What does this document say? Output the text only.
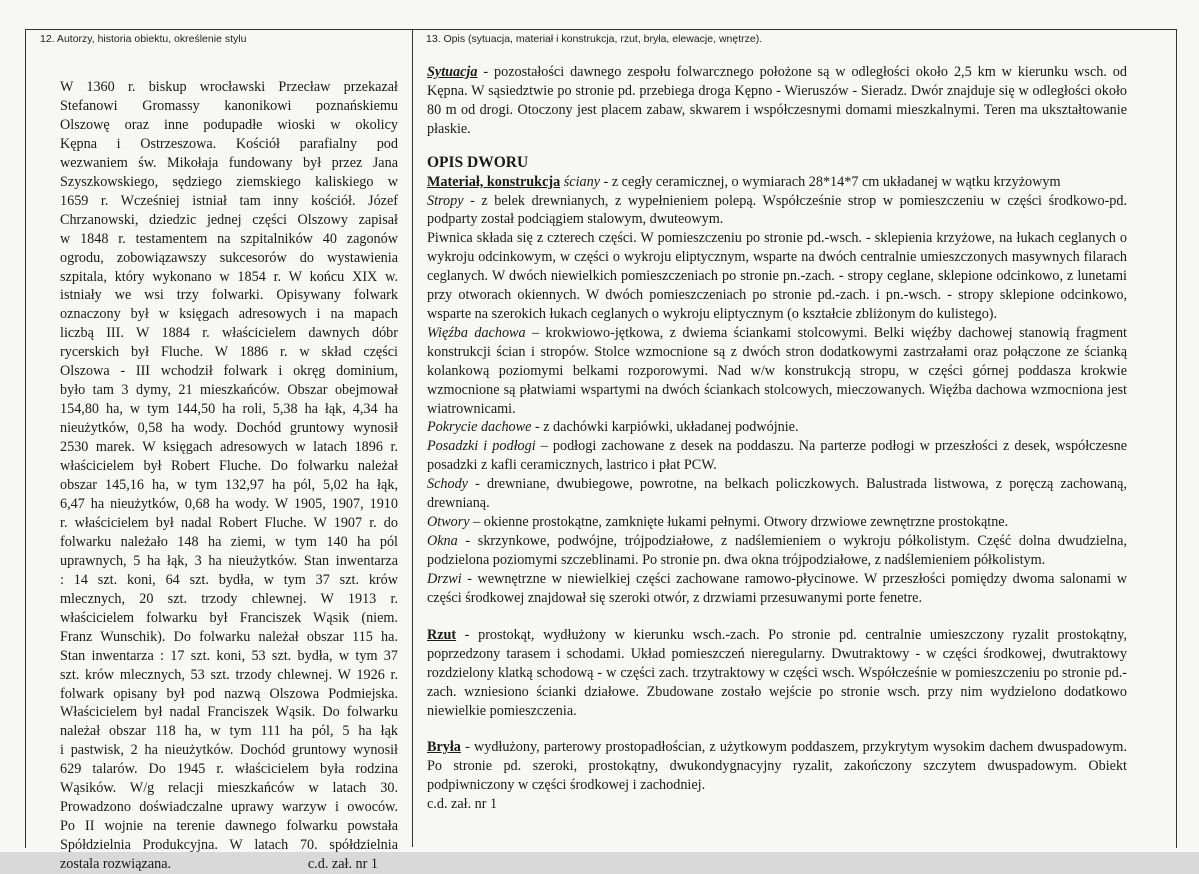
12. Autorzy, historia obiektu, określenie stylu	13. Opis (sytuacja, materiał i konstrukcja, rzut, bryła, elewacje, wnętrze).
W 1360 r. biskup wrocławski Przecław przekazał
Stefanowi Gromassy kanonikowi poznańskiemu
Olszowę oraz inne podupadłe wioski w okolicy
Kępna i Ostrzeszowa. Kościół parafialny pod
wezwaniem św. Mikołaja fundowany był przez Jana
Szyszkowskiego, sędziego ziemskiego kaliskiego w
1659 r. Wcześniej istniał tam inny kościół. Józef
Chrzanowski, dziedzic jednej części Olszowy zapisał
w 1848 r. testamentem na szpitalników 40 zagonów
ogrodu, zobowiązawszy sukcesorów do wystawienia
szpitala, który wykonano w 1854 r. W końcu XIX w.
istniały we wsi trzy folwarki. Opisywany folwark
oznaczony był w księgach adresowych i na mapach
liczbą III. W 1884 r. właścicielem dawnych dóbr
rycerskich był Fluche. W 1886 r. w skład części
Olszowa - III wchodził folwark i okręg dominium,
było tam 3 dymy, 21 mieszkańców. Obszar obejmował
154,80 ha, w tym 144,50 ha roli, 5,38 ha łąk, 4,34 ha
nieużytków, 0,58 ha wody. Dochód gruntowy wynosił
2530 marek. W księgach adresowych w latach 1896 r.
właścicielem był Robert Fluche. Do folwarku należał
obszar 145,16 ha, w tym 132,97 ha pól, 5,02 ha łąk,
6,47 ha nieużytków, 0,68 ha wody. W 1905, 1907, 1910
r. właścicielem był nadal Robert Fluche. W 1907 r. do
folwarku należało 148 ha ziemi, w tym 140 ha pól
uprawnych, 5 ha łąk, 3 ha nieużytków. Stan inwentarza
: 14 szt. koni, 64 szt. bydła, w tym 37 szt. krów
mlecznych, 20 szt. trzody chlewnej. W 1913 r.
właścicielem folwarku był Franciszek Wąsik (niem.
Franz Wunschik). Do folwarku należał obszar 115 ha.
Stan inwentarza : 17 szt. koni, 53 szt. bydła, w tym 37
szt. krów mlecznych, 53 szt. trzody chlewnej. W 1926 r.
folwark opisany był pod nazwą Olszowa Podmiejska.
Właścicielem był nadal Franciszek Wąsik. Do folwarku
należał obszar 118 ha, w tym 111 ha pól, 5 ha łąk
i pastwisk, 2 ha nieużytków. Dochód gruntowy wynosił
629 talarów. Do 1945 r. właścicielem była rodzina
Wąsików. W/g relacji mieszkańców w latach 30.
Prowadzono doświadczalne uprawy warzyw i owoców.
Po II wojnie na terenie dawnego folwarku powstała
Spółdzielnia Produkcyjna. W latach 70. spółdzielnia
zostala rozwiązana.	c.d. zał. nr 1

Sytuacja - pozostałości dawnego zespołu folwarcznego położone są w odległości około 2,5 km w kierunku wsch. od Kępna. W sąsiedztwie po stronie pd. przebiega droga Kępno - Wieruszów - Sieradz. Dwór znajduje się w odległości około 80 m od drogi. Otoczony jest placem zabaw, skwarem i współczesnymi domami mieszkalnymi. Teren ma ukształtowanie płaskie.

OPIS DWORU

Materiał, konstrukcja ściany - z cegły ceramicznej, o wymiarach 28*14*7 cm układanej w wątku krzyżowym

Stropy - z belek drewnianych, z wypełnieniem polepą. Współcześnie strop w pomieszczeniu w części środkowo-pd. podparty został podciągiem stalowym, dwuteowym.

Piwnica składa się z czterech części. W pomieszczeniu po stronie pd.-wsch. - sklepienia krzyżowe, na łukach ceglanych o wykroju odcinkowym, w części o wykroju eliptycznym, wsparte na dwóch centralnie umieszczonych masywnych filarach ceglanych. W dwóch niewielkich pomieszczeniach po stronie pn.-zach. - stropy ceglane, sklepione odcinkowo, z lunetami przy otworach okiennych. W dwóch pomieszczeniach po stronie pd.-zach. i pn.-wsch. - stropy sklepione odcinkowo, wsparte na szerokich łukach ceglanych o wykroju eliptycznym (o kształcie zbliżonym do kulistego).

Więźba dachowa – krokwiowo-jętkowa, z dwiema ściankami stolcowymi. Belki więźby dachowej stanowią fragment konstrukcji ścian i stropów. Stolce wzmocnione są z dwóch stron dodatkowymi zastrzałami oraz połączone ze ścianką kolankową poziomymi belkami rozporowymi. Nad w/w konstrukcją stropu, w części górnej poddasza krokwie wzmocnione są płatwiami wspartymi na dwóch ściankach stolcowych, mieczowanych. Więźba dachowa wzmocniona jest wiatrownicami.

Pokrycie dachowe - z dachówki karpiówki, układanej podwójnie.

Posadzki i podłogi – podłogi zachowane z desek na poddaszu. Na parterze podłogi w przeszłości z desek, współczesne posadzki z kafli ceramicznych, lastrico i płat PCW.

Schody - drewniane, dwubiegowe, powrotne, na belkach policzkowych. Balustrada listwowa, z poręczą zachowaną, drewnianą.

Otwory – okienne prostokątne, zamknięte łukami pełnymi. Otwory drzwiowe zewnętrzne prostokątne.

Okna - skrzynkowe, podwójne, trójpodziałowe, z nadślemieniem o wykroju półkolistym. Część dolna dwudzielna, podzielona poziomymi szczeblinami. Po stronie pn. dwa okna trójpodziałowe, z nadślemieniem półkolistym.

Drzwi - wewnętrzne w niewielkiej części zachowane ramowo-płycinowe. W przeszłości pomiędzy dwoma salonami w części środkowej znajdował się szeroki otwór, z drzwiami przesuwanymi porte fenetre.

Rzut - prostokąt, wydłużony w kierunku wsch.-zach. Po stronie pd. centralnie umieszczony ryzalit prostokątny, poprzedzony tarasem i schodami. Układ pomieszczeń nieregularny. Dwutraktowy - w części środkowej, dwutraktowy rozdzielony klatką schodową - w części zach. trzytraktowy w części wsch. Współcześnie w pomieszczeniu po stronie pd.-zach. wzniesiono ścianki działowe. Zbudowane zostało wejście po stronie wsch. przy nim wydzielono dodatkowo niewielkie pomieszczenia.

Bryła - wydłużony, parterowy prostopadłościan, z użytkowym poddaszem, przykrytym wysokim dachem dwuspadowym. Po stronie pd. szeroki, prostokątny, dwukondygnacyjny ryzalit, zakończony szczytem dwuspadowym. Obiekt podpiwniczony w części środkowej i zachodniej.

c.d. zał. nr 1
